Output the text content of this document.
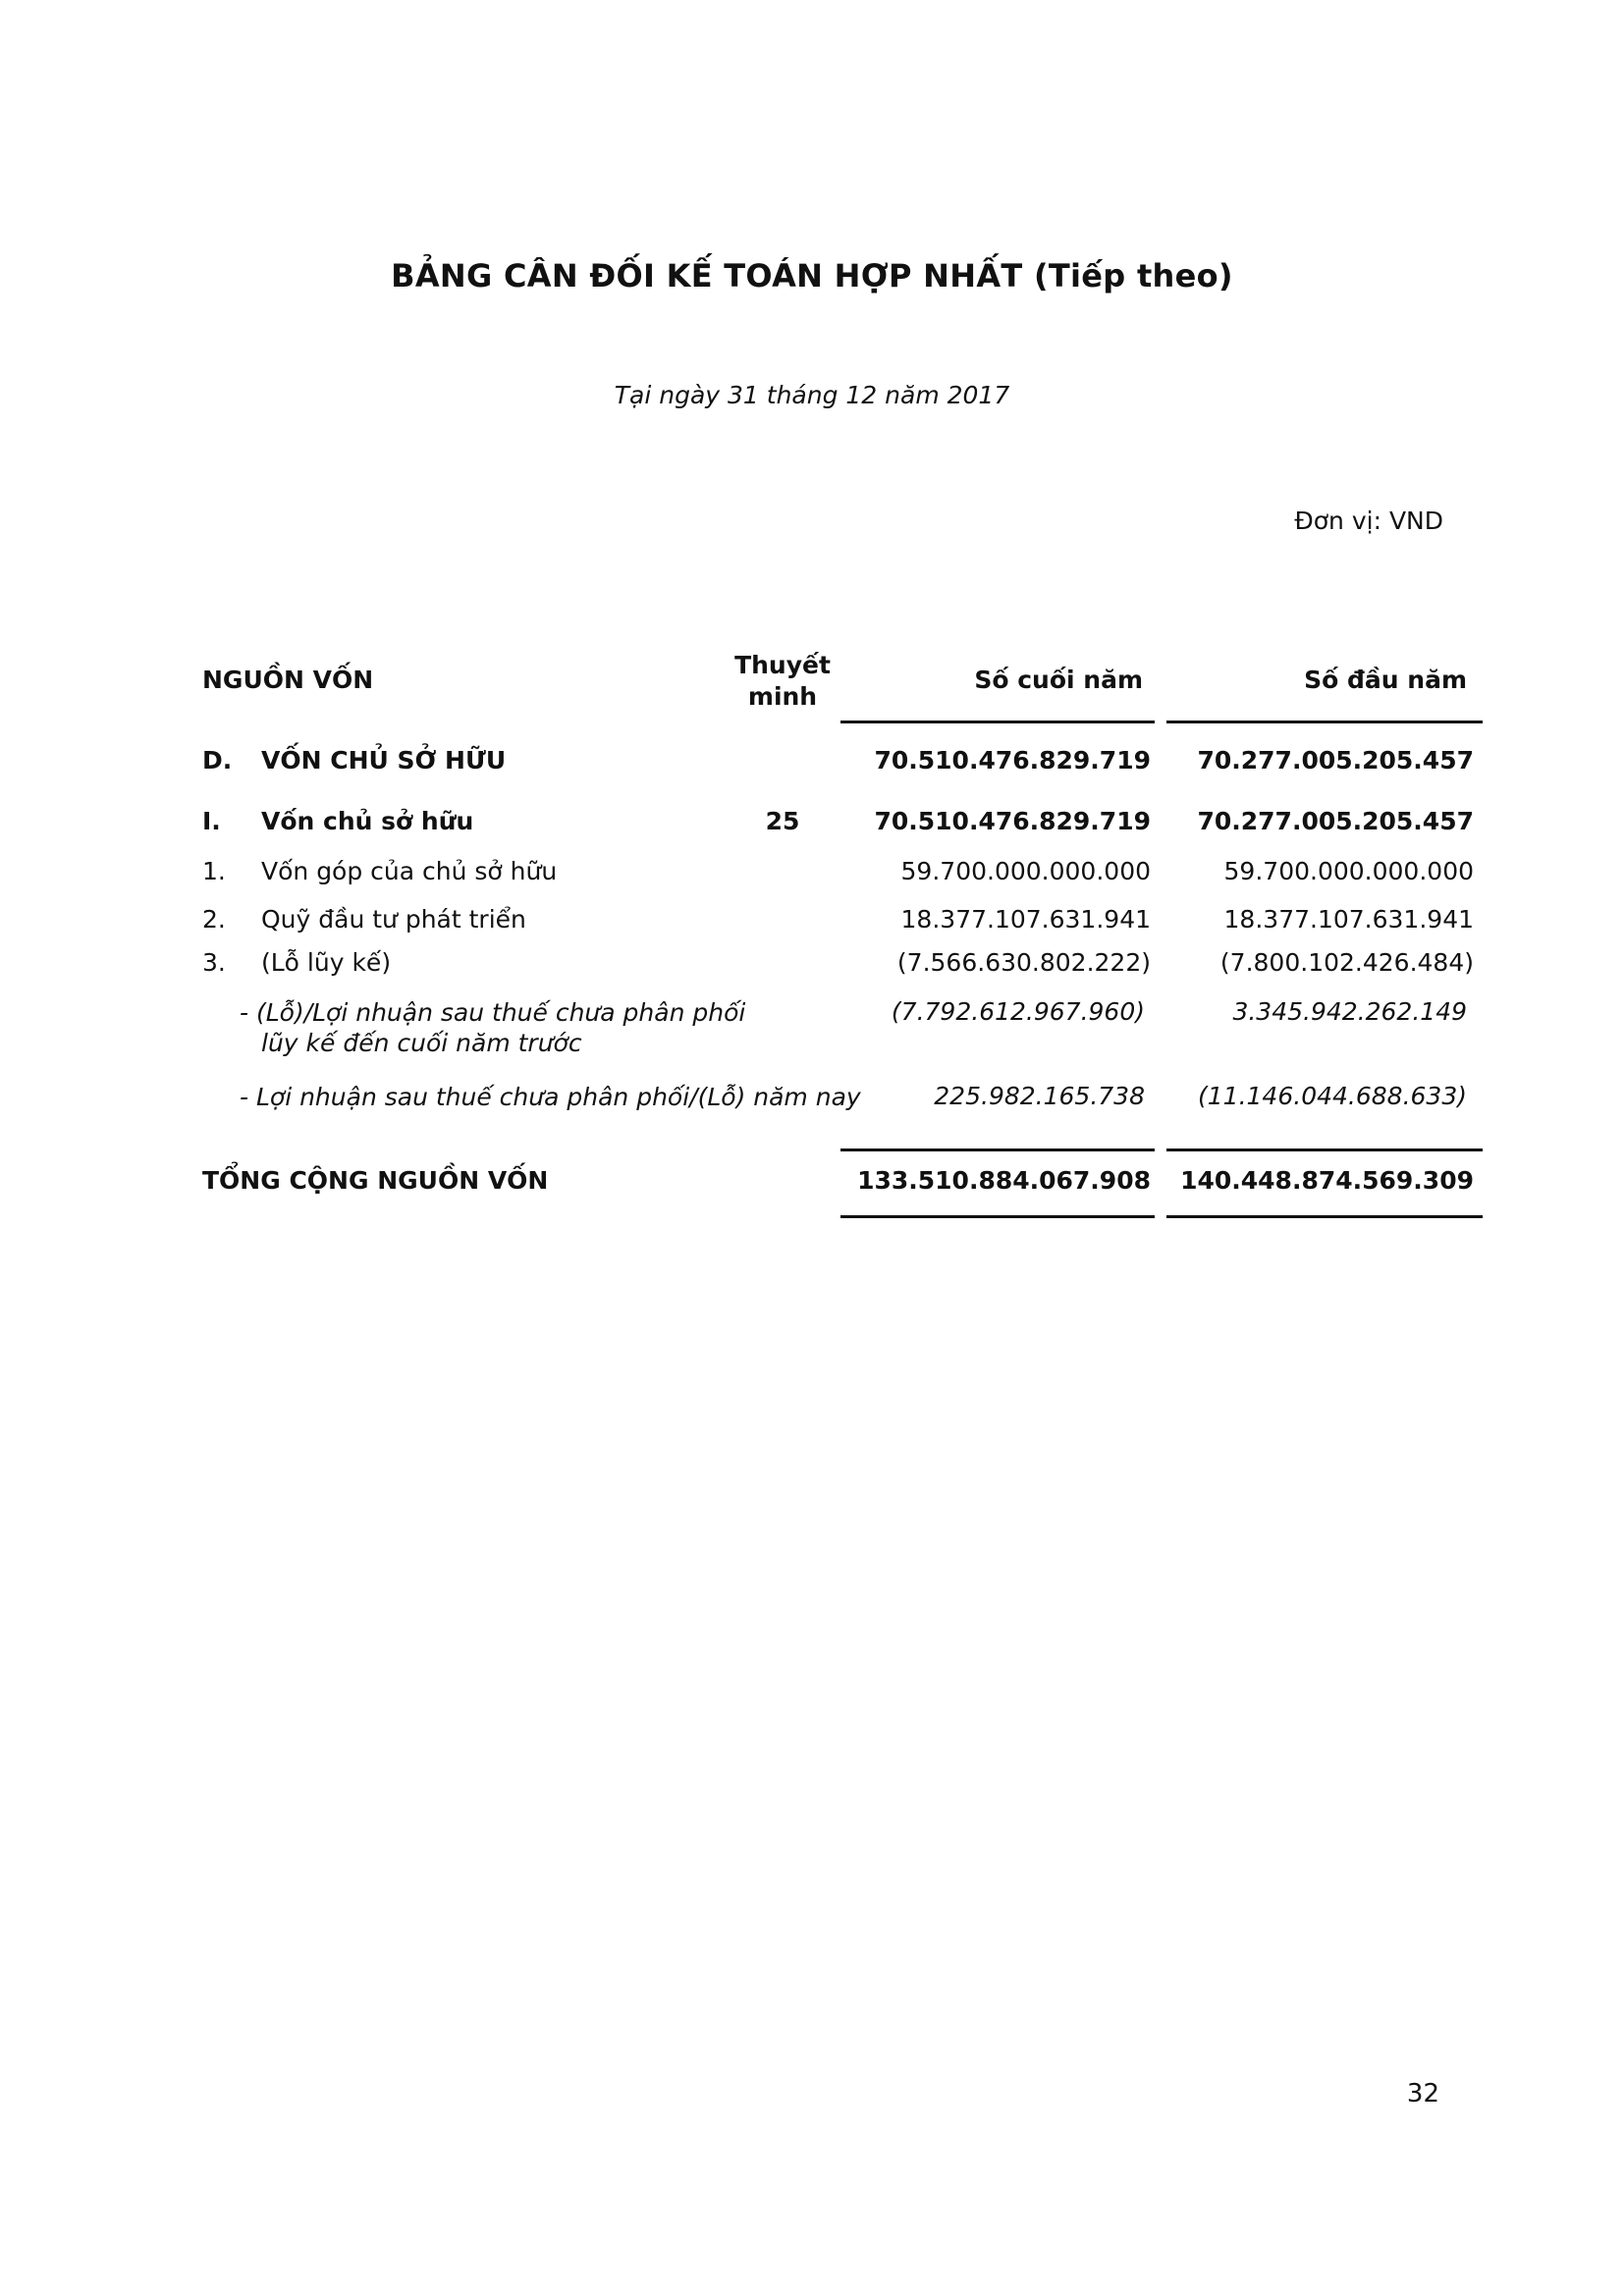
BẢNG CÂN ĐỐI KẾ TOÁN HỢP NHẤT (Tiếp theo)
Tại ngày 31 tháng 12 năm 2017
Đơn vị: VND
NGUỒN VỐN
Thuyết
minh
Số cuối năm	Số đầu năm
D. VỐN CHỦ SỞ HỮU	70.510.476.829.719 70.277.005.205.457
I. Vốn chủ sở hữu	25	70.510.476.829.719 70.277.005.205.457
1. Vốn góp của chủ sở hữu	59.700.000.000.000	59.700.000.000.000
2. Quỹ đầu tư phát triển	18.377.107.631.941	18.377.107.631.941
3. (Lỗ lũy kế)	(7.566.630.802.222)	(7.800.102.426.484)
- (Lỗ)/Lợi nhuận sau thuế chưa phân phối
lũy kế đến cuối năm trước
(7.792.612.967.960)	3.345.942.262.149
- Lợi nhuận sau thuế chưa phân phối/(Lỗ) năm nay	225.982.165.738 (11.146.044.688.633)
TỔNG CỘNG NGUỒN VỐN	133.510.884.067.908 140.448.874.569.309
32
